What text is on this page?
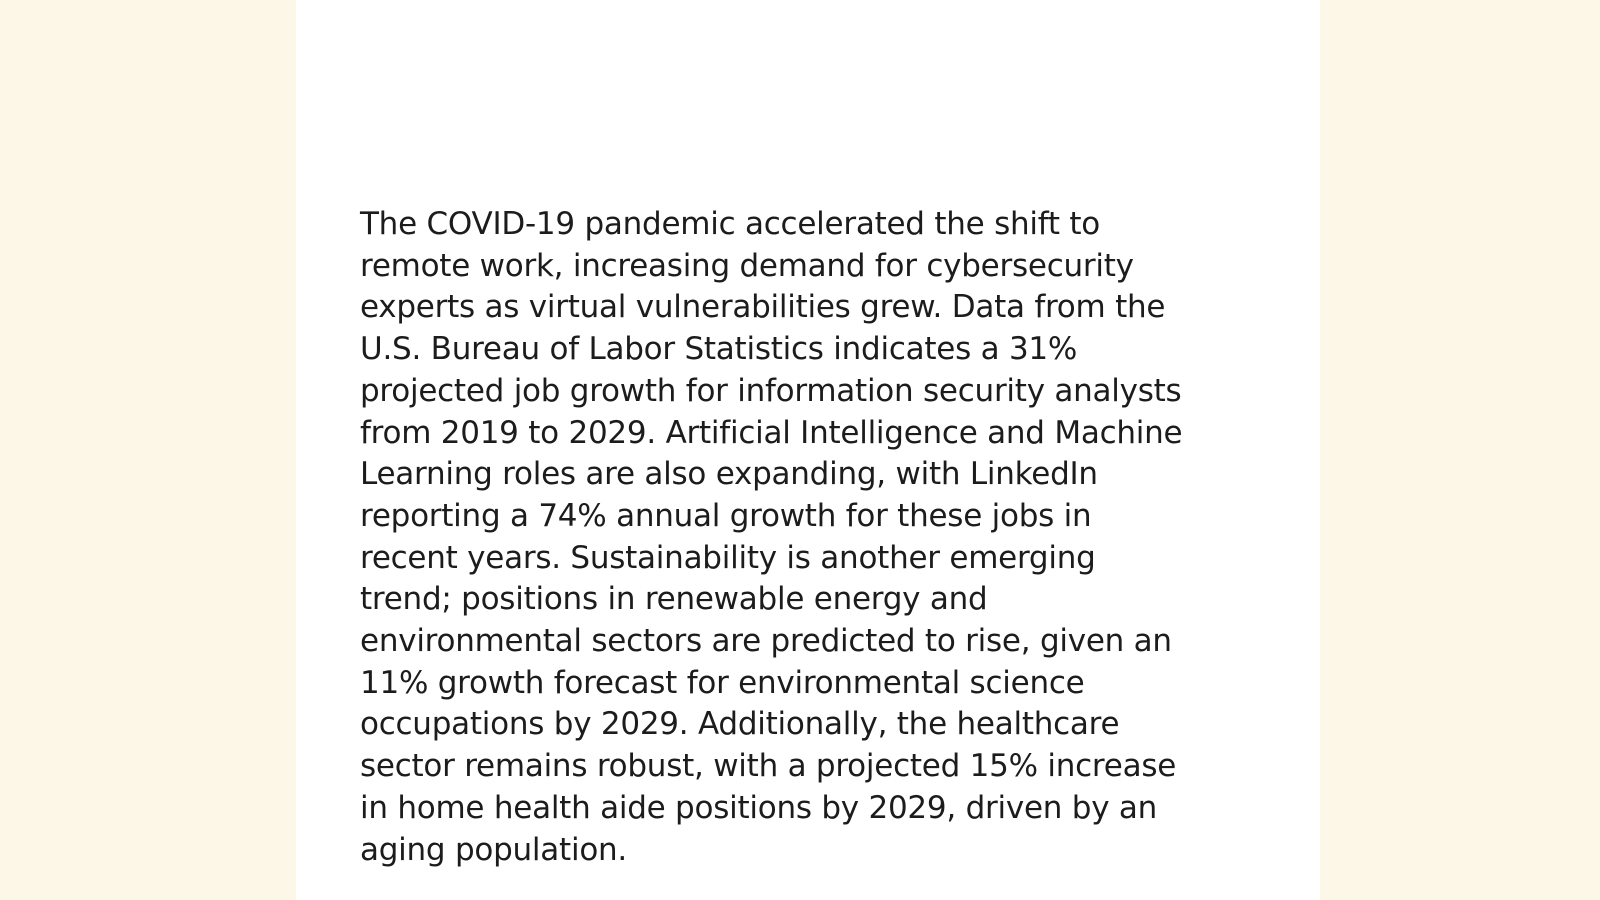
The COVID-19 pandemic accelerated the shift to
remote work, increasing demand for cybersecurity
experts as virtual vulnerabilities grew. Data from the
U.S. Bureau of Labor Statistics indicates a 31%
projected job growth for information security analysts
from 2019 to 2029. Artificial Intelligence and Machine
Learning roles are also expanding, with LinkedIn
reporting a 74% annual growth for these jobs in
recent years. Sustainability is another emerging
trend; positions in renewable energy and
environmental sectors are predicted to rise, given an
11% growth forecast for environmental science
occupations by 2029. Additionally, the healthcare
sector remains robust, with a projected 15% increase
in home health aide positions by 2029, driven by an
aging population.
